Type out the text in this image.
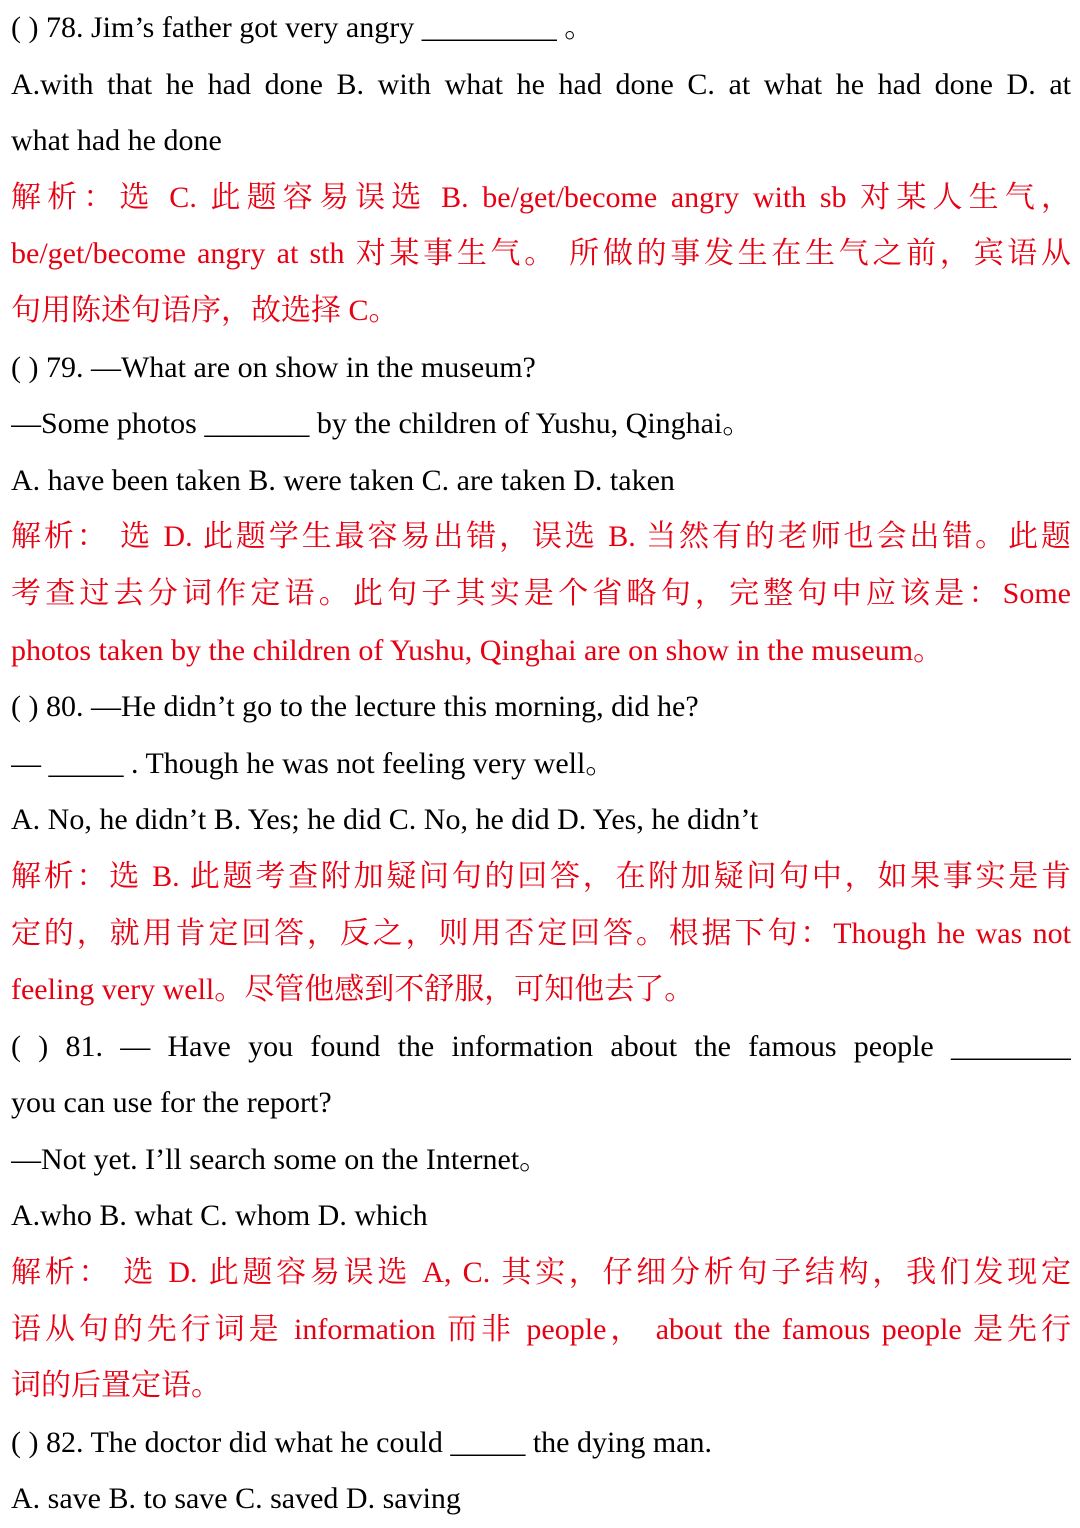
( ) 78. Jim’s father got very angry _________ 。
A.with that he had done B. with what he had done C. at what he had done D. at
what had he done
解析：选 C. 此题容易误选 B. be/get/become angry with sb 对某人生气，
be/get/become angry at sth 对某事生气。 所做的事发生在生气之前，宾语从
句用陈述句语序，故选择 C。
( ) 79. —What are on show in the museum?
—Some photos _______ by the children of Yushu, Qinghai。
A. have been taken B. were taken C. are taken D. taken
解析： 选 D. 此题学生最容易出错，误选 B. 当然有的老师也会出错。此题
考查过去分词作定语。此句子其实是个省略句，完整句中应该是：Some
photos taken by the children of Yushu, Qinghai are on show in the museum。
( ) 80. —He didn’t go to the lecture this morning, did he?
— _____ . Though he was not feeling very well。
A. No, he didn’t B. Yes; he did C. No, he did D. Yes, he didn’t
解析：选 B. 此题考查附加疑问句的回答，在附加疑问句中，如果事实是肯
定的，就用肯定回答，反之，则用否定回答。根据下句：Though he was not
feeling very well。尽管他感到不舒服，可知他去了。
( ) 81. — Have you found the information about the famous people ________
you can use for the report?
—Not yet. I’ll search some on the Internet。
A.who B. what C. whom D. which
解析： 选 D. 此题容易误选 A, C. 其实，仔细分析句子结构，我们发现定
语从句的先行词是 information 而非 people， about the famous people 是先行
词的后置定语。
( ) 82. The doctor did what he could _____ the dying man.
A. save B. to save C. saved D. saving
